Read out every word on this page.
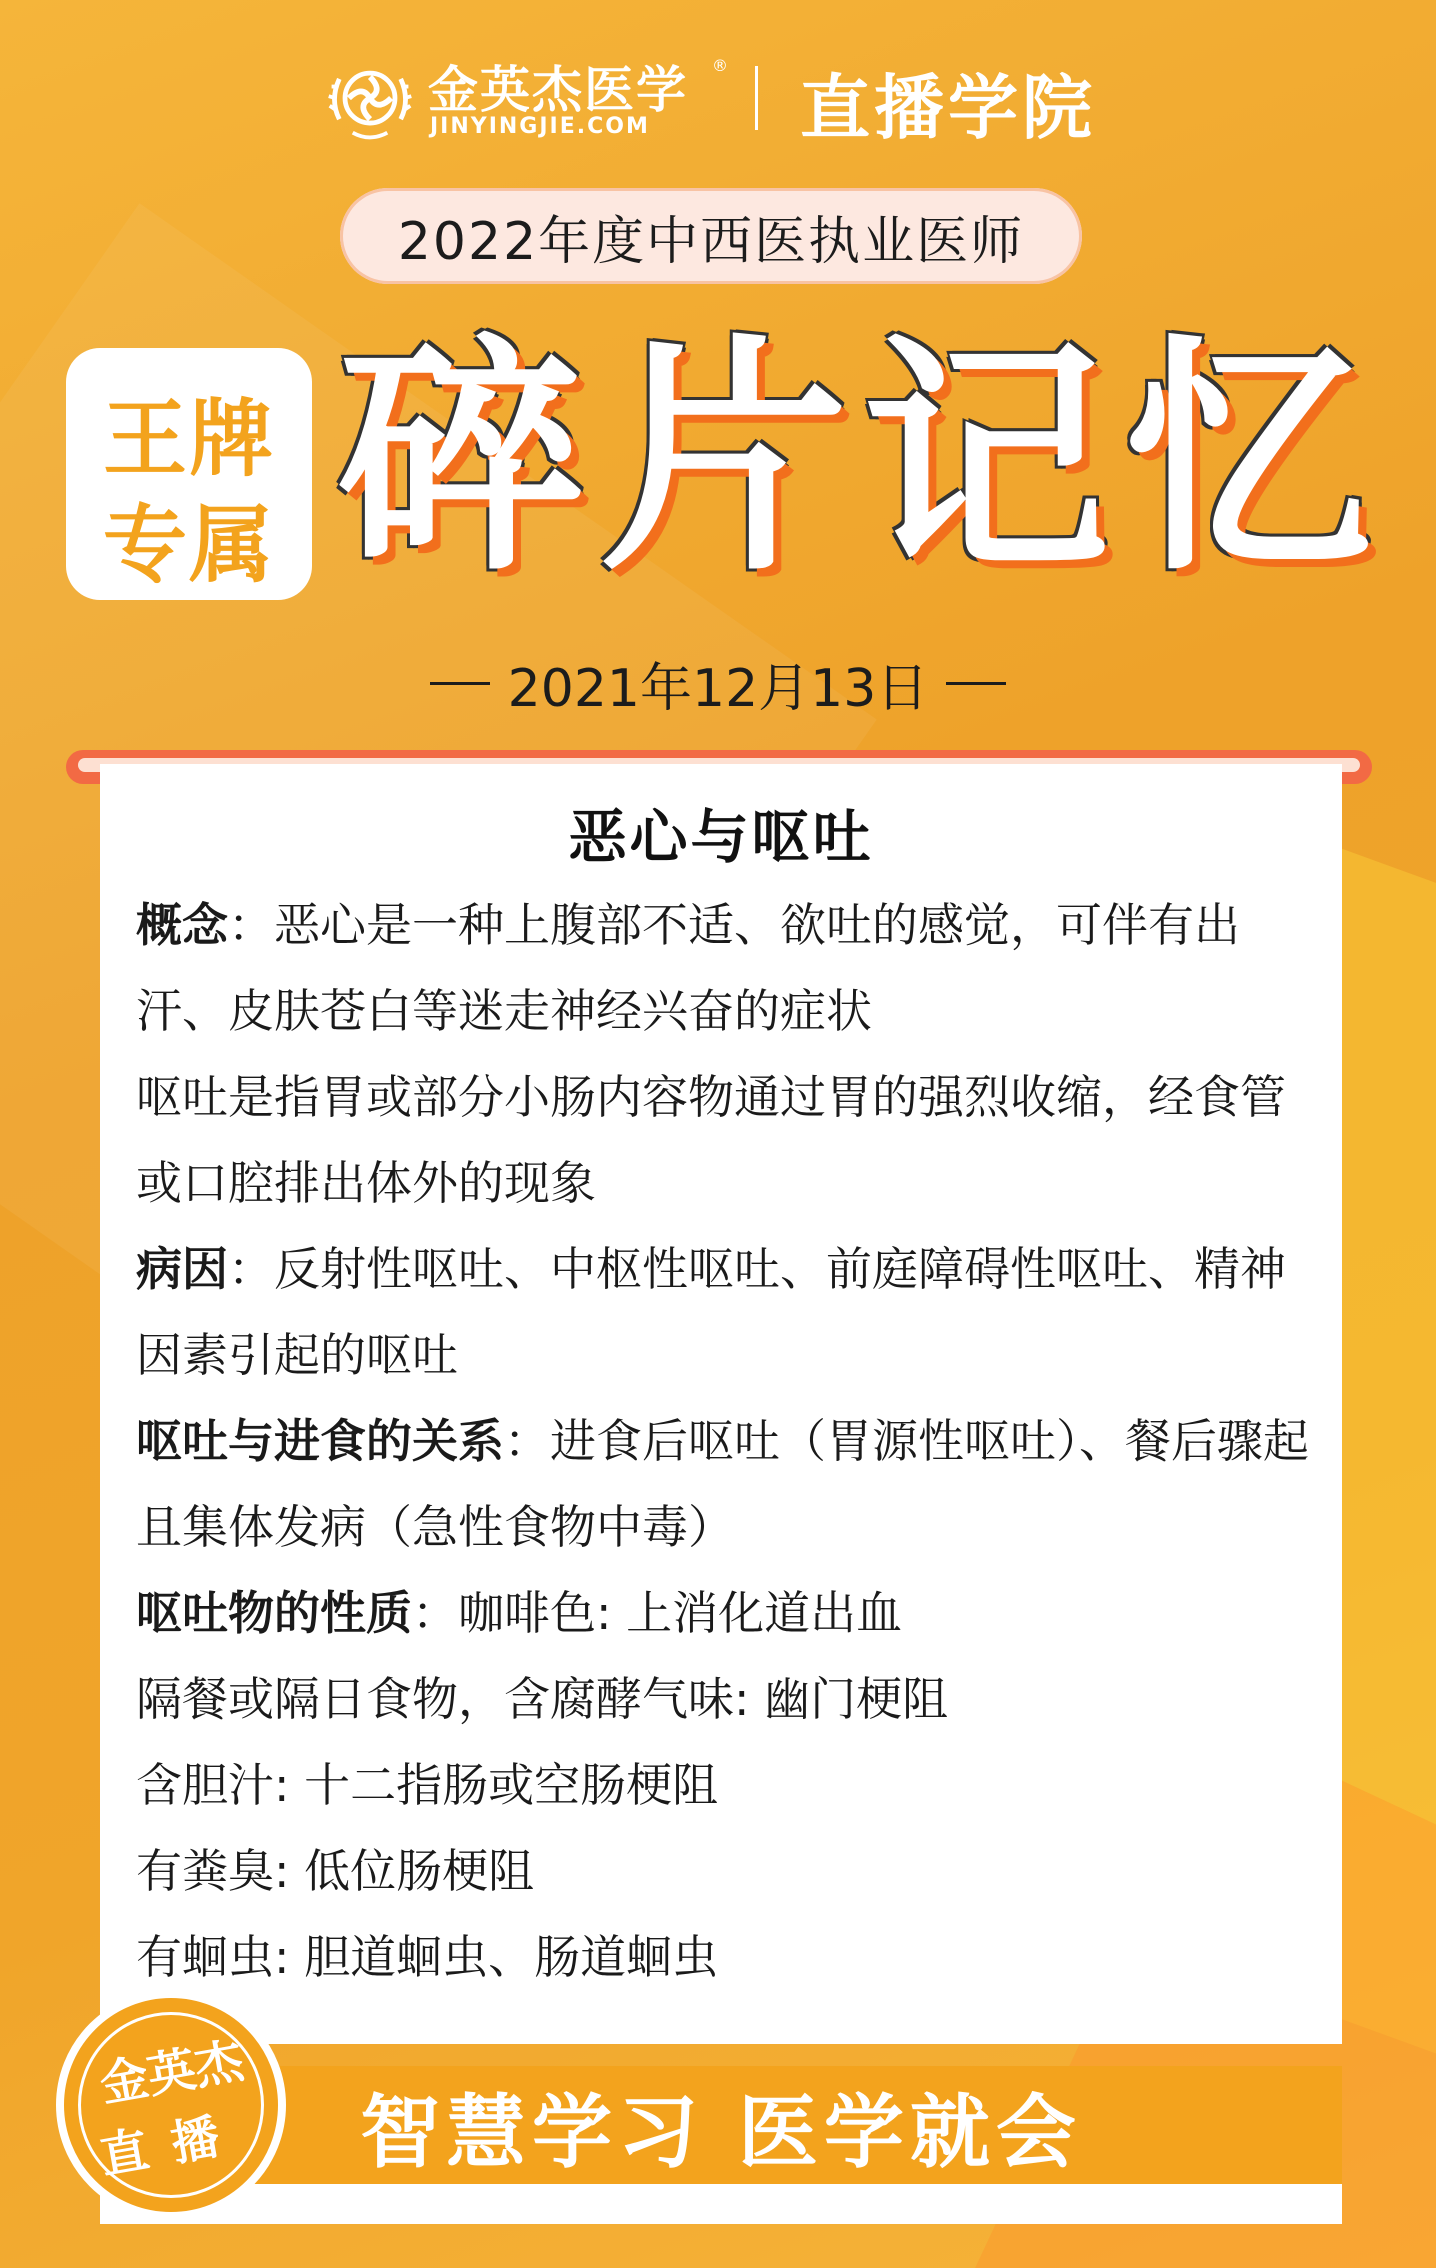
金英杰医学 ®
JINYINGJIE.COM 直播学院
2022年度中西医执业医师
王牌
专属 碎片记忆
2021年12月13日
恶心与呕吐

概念：恶心是一种上腹部不适、欲吐的感觉，可伴有出汗、皮肤苍白等迷走神经兴奋的症状

呕吐是指胃或部分小肠内容物通过胃的强烈收缩，经食管或口腔排出体外的现象

病因：反射性呕吐、中枢性呕吐、前庭障碍性呕吐、精神因素引起的呕吐

呕吐与进食的关系：进食后呕吐（胃源性呕吐）、餐后骤起且集体发病（急性食物中毒）

呕吐物的性质：咖啡色: 上消化道出血

隔餐或隔日食物，含腐酵气味: 幽门梗阻

含胆汁: 十二指肠或空肠梗阻

有粪臭: 低位肠梗阻

有蛔虫: 胆道蛔虫、肠道蛔虫

智慧学习 医学就会
金英杰
直播
